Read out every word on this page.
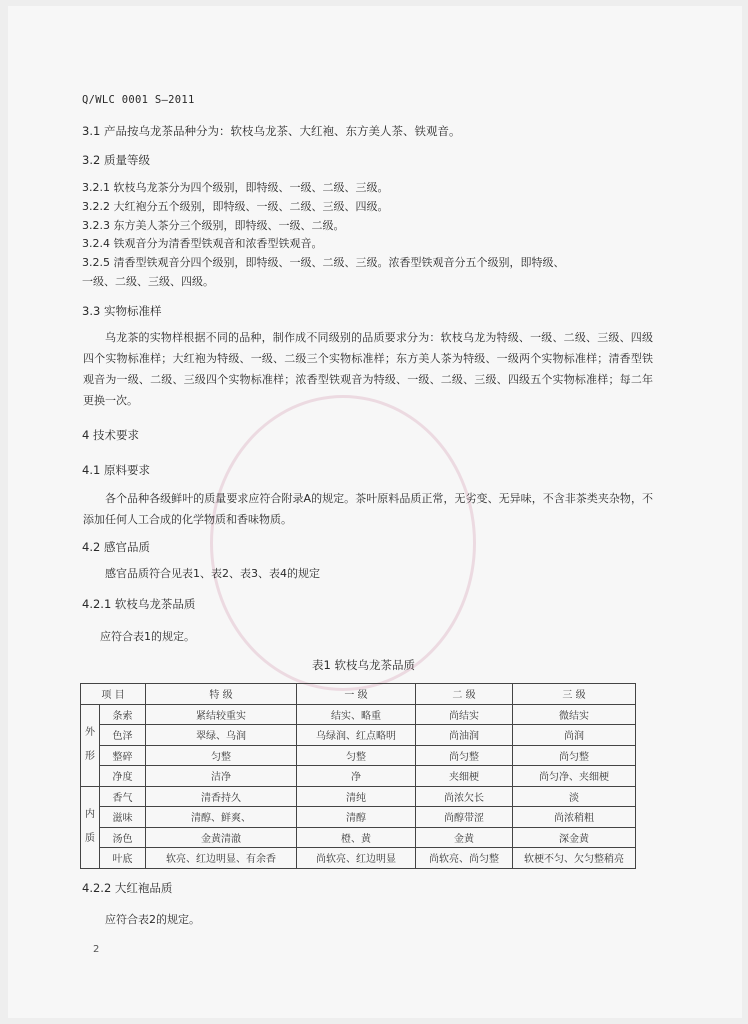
Q/WLC 0001 S—2011
3.1 产品按乌龙茶品种分为：软枝乌龙茶、大红袍、东方美人茶、铁观音。
3.2 质量等级
3.2.1 软枝乌龙茶分为四个级别，即特级、一级、二级、三级。
3.2.2 大红袍分五个级别，即特级、一级、二级、三级、四级。
3.2.3 东方美人茶分三个级别，即特级、一级、二级。
3.2.4 铁观音分为清香型铁观音和浓香型铁观音。
3.2.5 清香型铁观音分四个级别，即特级、一级、二级、三级。浓香型铁观音分五个级别，即特级、
一级、二级、三级、四级。
3.3 实物标准样
乌龙茶的实物样根据不同的品种，制作成不同级别的品质要求分为：软枝乌龙为特级、一级、二级、三级、四级四个实物标准样；大红袍为特级、一级、二级三个实物标准样；东方美人茶为特级、一级两个实物标准样；清香型铁观音为一级、二级、三级四个实物标准样；浓香型铁观音为特级、一级、二级、三级、四级五个实物标准样；每二年更换一次。
4 技术要求
4.1 原料要求
各个品种各级鲜叶的质量要求应符合附录A的规定。茶叶原料品质正常，无劣变、无异味，不含非茶类夹杂物，不添加任何人工合成的化学物质和香味物质。
4.2 感官品质
感官品质符合见表1、表2、表3、表4的规定
4.2.1 软枝乌龙茶品质
应符合表1的规定。
表1 软枝乌龙茶品质
项 目		特 级	一 级	二 级	三 级
外形	条索	紧结较重实	结实、略重	尚结实	微结实
	色泽	翠绿、乌润	乌绿润、红点略明	尚油润	尚润
	整碎	匀整	匀整	尚匀整	尚匀整
	净度	洁净	净	夹细梗	尚匀净、夹细梗
内质	香气	清香持久	清纯	尚浓欠长	淡
	滋味	清醇、鲜爽、	清醇	尚醇带涩	尚浓稍粗
	汤色	金黄清澈	橙、黄	金黄	深金黄
	叶底	软亮、红边明显、有余香	尚软亮、红边明显	尚软亮、尚匀整	软梗不匀、欠匀整稍亮
4.2.2 大红袍品质
应符合表2的规定。
2
